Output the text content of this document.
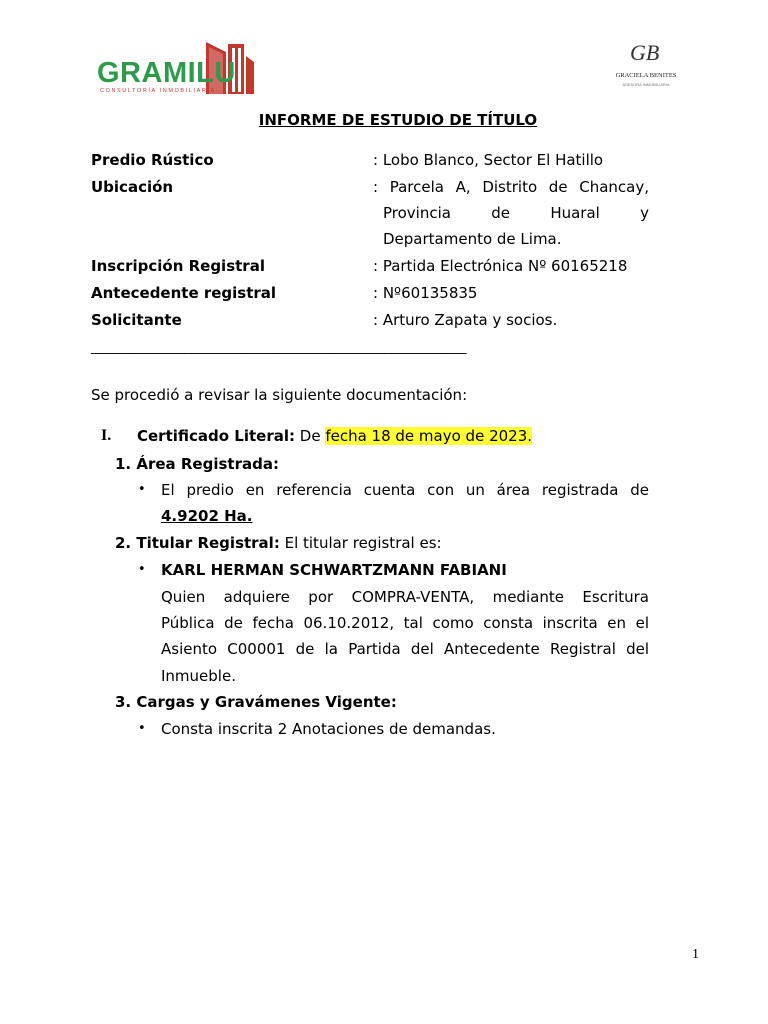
GRAMILU
CONSULTORÍA INMOBILIARIA
GB
GRACIELA BENITES
ASESORA INMOBILIARIA
INFORME DE ESTUDIO DE TÍTULO
Predio Rústico	: Lobo Blanco, Sector El Hatillo
Ubicación	: Parcela A, Distrito de Chancay,
Provincia de Huaral y
Departamento de Lima.
Inscripción Registral	: Partida Electrónica Nº 60165218
Antecedente registral	: Nº60135835
Solicitante	: Arturo Zapata y socios.
____________________________________________________________
Se procedió a revisar la siguiente documentación:
I. Certificado Literal: De fecha 18 de mayo de 2023.
1. Área Registrada:
• El predio en referencia cuenta con un área registrada de
4.9202 Ha.
2. Titular Registral: El titular registral es:
• KARL HERMAN SCHWARTZMANN FABIANI
Quien adquiere por COMPRA-VENTA, mediante Escritura
Pública de fecha 06.10.2012, tal como consta inscrita en el
Asiento C00001 de la Partida del Antecedente Registral del
Inmueble.
3. Cargas y Gravámenes Vigente:
• Consta inscrita 2 Anotaciones de demandas.
1
